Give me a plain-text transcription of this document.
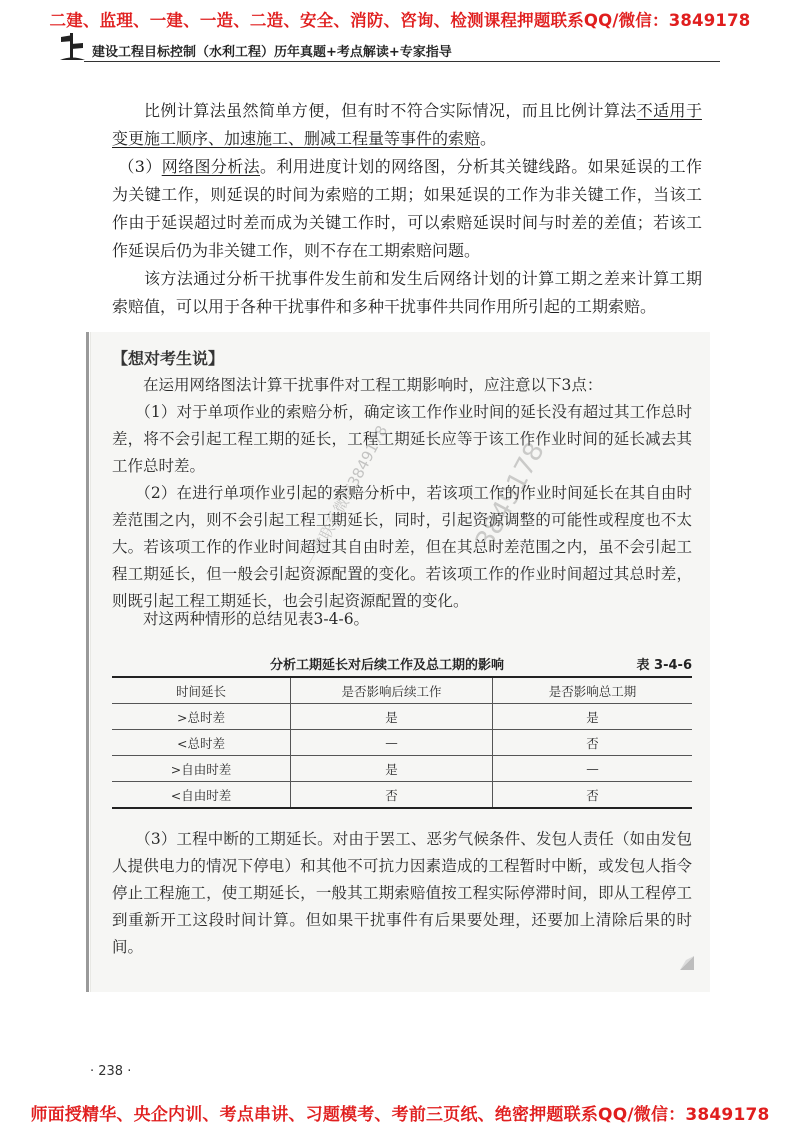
二建、监理、一建、一造、二造、安全、消防、咨询、检测课程押题联系QQ/微信：3849178
建设工程目标控制（水利工程）历年真题+考点解读+专家指导

比例计算法虽然简单方便，但有时不符合实际情况，而且比例计算法不适用于变更施工顺序、加速施工、删减工程量等事件的索赔。

（3）网络图分析法。利用进度计划的网络图，分析其关键线路。如果延误的工作为关键工作，则延误的时间为索赔的工期；如果延误的工作为非关键工作，当该工作由于延误超过时差而成为关键工作时，可以索赔延误时间与时差的差值；若该工作延误后仍为非关键工作，则不存在工期索赔问题。

该方法通过分析干扰事件发生前和发生后网络计划的计算工期之差来计算工期索赔值，可以用于各种干扰事件和多种干扰事件共同作用所引起的工期索赔。

【想对考生说】

在运用网络图法计算干扰事件对工程工期影响时，应注意以下3点：

（1）对于单项作业的索赔分析，确定该工作作业时间的延长没有超过其工作总时差，将不会引起工程工期的延长，工程工期延长应等于该工作作业时间的延长减去其工作总时差。

（2）在进行单项作业引起的索赔分析中，若该项工作的作业时间延长在其自由时差范围之内，则不会引起工程工期延长，同时，引起资源调整的可能性或程度也不太大。若该项工作的作业时间超过其自由时差，但在其总时差范围之内，虽不会引起工程工期延长，但一般会引起资源配置的变化。若该项工作的作业时间超过其总时差，则既引起工程工期延长，也会引起资源配置的变化。

对这两种情形的总结见表3-4-6。

分析工期延长对后续工作及总工期的影响	表 3-4-6
时间延长	是否影响后续工作	是否影响总工期
>总时差	是	是
<总时差	—	否
>自由时差	是	—
<自由时差	否	否

（3）工程中断的工期延长。对由于罢工、恶劣气候条件、发包人责任（如由发包人提供电力的情况下停电）和其他不可抗力因素造成的工程暂时中断，或发包人指令停止工程施工，使工期延长，一般其工期索赔值按工程实际停滞时间，即从工程停工到重新开工这段时间计算。但如果干扰事件有后果要处理，还要加上清除后果的时间。

一建联系微信3849178	3849178
· 238 ·
师面授精华、央企内训、考点串讲、习题模考、考前三页纸、绝密押题联系QQ/微信：3849178
